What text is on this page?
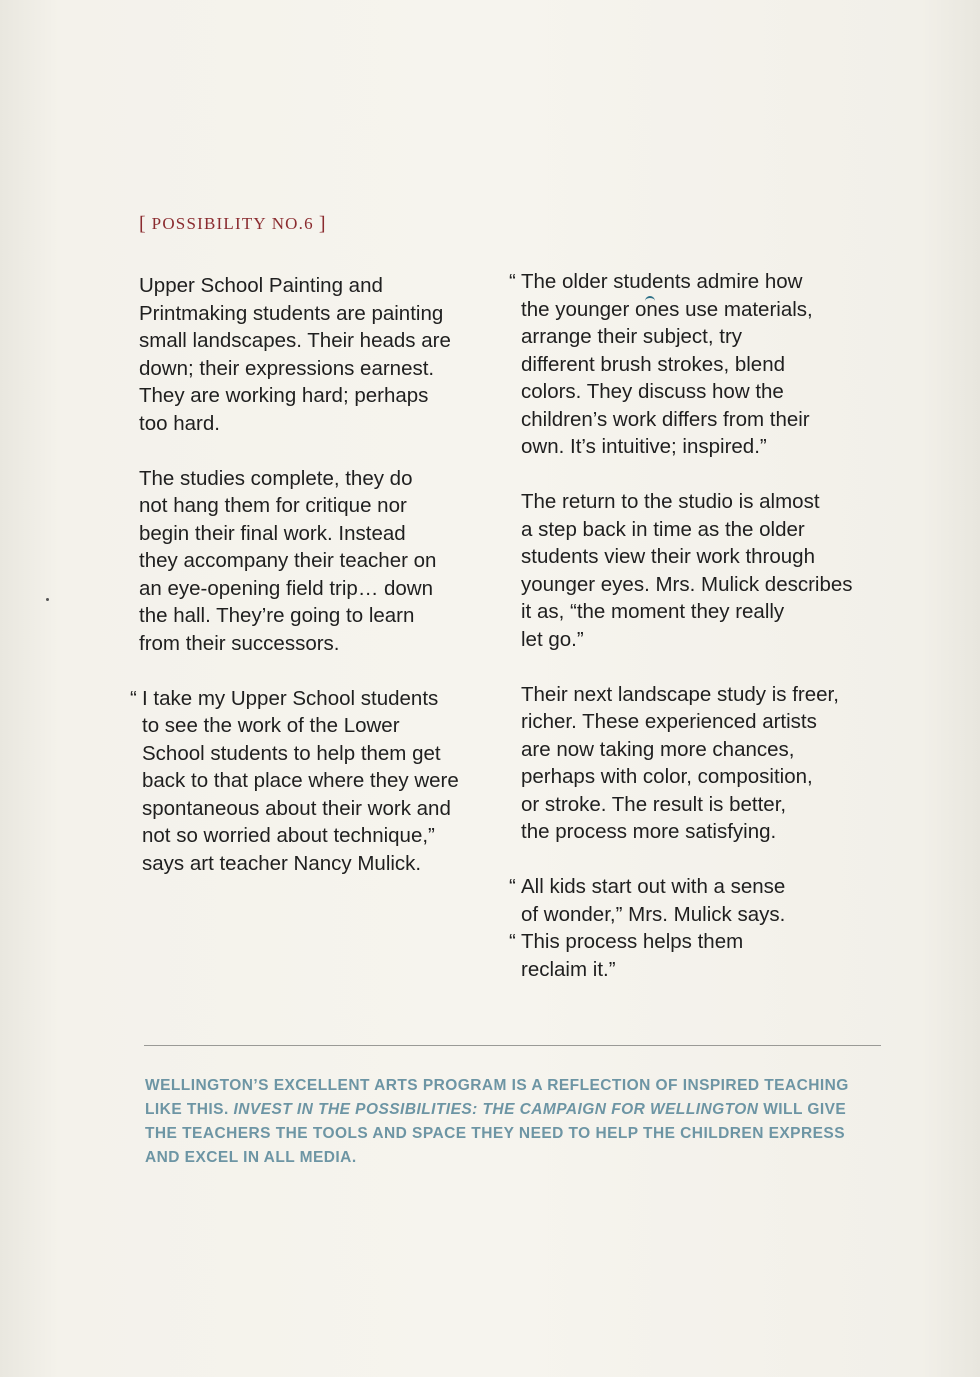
[ POSSIBILITY NO.6 ]

Upper School Painting and
Printmaking students are painting
small landscapes. Their heads are
down; their expressions earnest.
They are working hard; perhaps
too hard.

The studies complete, they do
not hang them for critique nor
begin their final work. Instead
they accompany their teacher on
an eye-opening field trip… down
the hall. They’re going to learn
from their successors.

“ I take my Upper School students
to see the work of the Lower
School students to help them get
back to that place where they were
spontaneous about their work and
not so worried about technique,”
says art teacher Nancy Mulick.

“ The older students admire how
the younger ones use materials,
arrange their subject, try
different brush strokes, blend
colors. They discuss how the
children’s work differs from their
own. It’s intuitive; inspired.”

The return to the studio is almost
a step back in time as the older
students view their work through
younger eyes. Mrs. Mulick describes
it as, “the moment they really
let go.”

Their next landscape study is freer,
richer. These experienced artists
are now taking more chances,
perhaps with color, composition,
or stroke. The result is better,
the process more satisfying.

“ All kids start out with a sense
of wonder,” Mrs. Mulick says.

“ This process helps them
reclaim it.”

WELLINGTON’S EXCELLENT ARTS PROGRAM IS A REFLECTION OF INSPIRED TEACHING LIKE THIS. INVEST IN THE POSSIBILITIES: THE CAMPAIGN FOR WELLINGTON WILL GIVE THE TEACHERS THE TOOLS AND SPACE THEY NEED TO HELP THE CHILDREN EXPRESS AND EXCEL IN ALL MEDIA.
